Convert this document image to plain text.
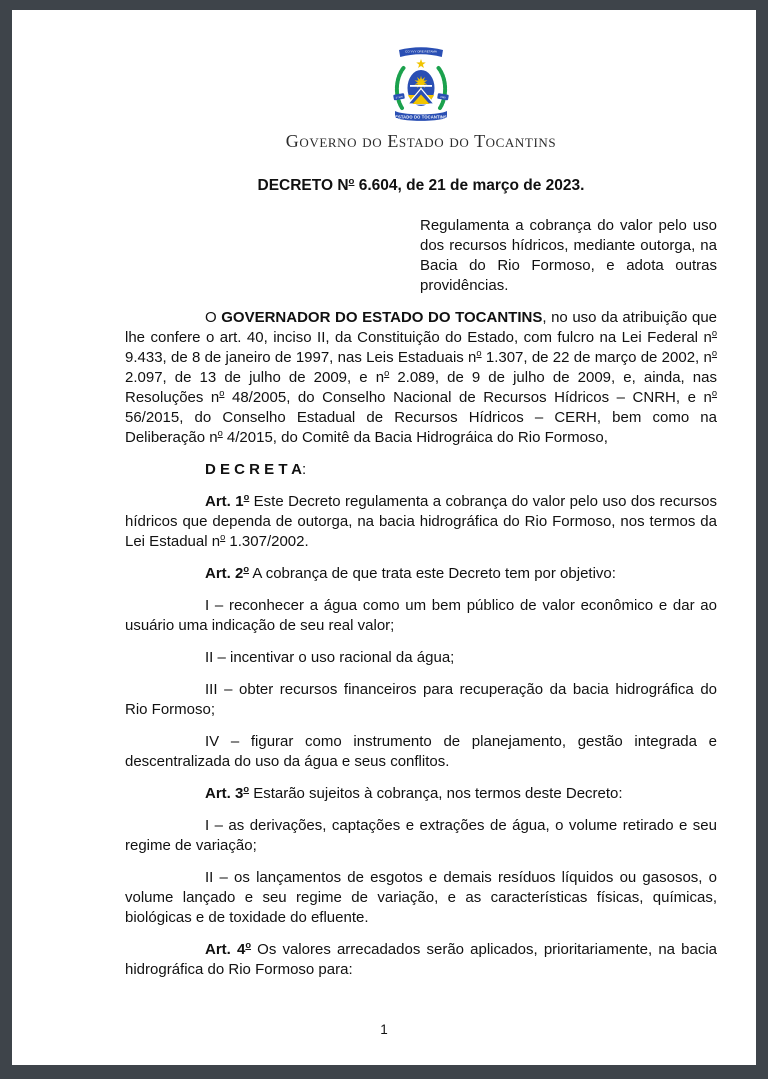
CO YVY ORE RETAMA
1º JAN	1989
ESTADO DO TOCANTINS
Governo do Estado do Tocantins
DECRETO $N^o$ 6.604, de 21 de março de 2023.

Regulamenta a cobrança do valor pelo uso dos recursos hídricos, mediante outorga, na Bacia do Rio Formoso, e adota outras providências.

O GOVERNADOR DO ESTADO DO TOCANTINS, no uso da atribuição que lhe confere o art. 40, inciso II, da Constituição do Estado, com fulcro na Lei Federal $n^o$ 9.433, de 8 de janeiro de 1997, nas Leis Estaduais $n^o$ 1.307, de 22 de março de 2002, $n^o$ 2.097, de 13 de julho de 2009, e $n^o$ 2.089, de 9 de julho de 2009, e, ainda, nas Resoluções $n^o$ 48/2005, do Conselho Nacional de Recursos Hídricos – CNRH, e $n^o$ 56/2015, do Conselho Estadual de Recursos Hídricos – CERH, bem como na Deliberação $n^o$ 4/2015, do Comitê da Bacia Hidrográica do Rio Formoso,

D E C R E T A:

Art. 1$^o$ Este Decreto regulamenta a cobrança do valor pelo uso dos recursos hídricos que dependa de outorga, na bacia hidrográfica do Rio Formoso, nos termos da Lei Estadual $n^o$ 1.307/2002.

Art. 2$^o$ A cobrança de que trata este Decreto tem por objetivo:

I – reconhecer a água como um bem público de valor econômico e dar ao usuário uma indicação de seu real valor;

II – incentivar o uso racional da água;

III – obter recursos financeiros para recuperação da bacia hidrográfica do Rio Formoso;

IV – figurar como instrumento de planejamento, gestão integrada e descentralizada do uso da água e seus conflitos.

Art. 3$^o$ Estarão sujeitos à cobrança, nos termos deste Decreto:

I – as derivações, captações e extrações de água, o volume retirado e seu regime de variação;

II – os lançamentos de esgotos e demais resíduos líquidos ou gasosos, o volume lançado e seu regime de variação, e as características físicas, químicas, biológicas e de toxidade do efluente.

Art. 4$^o$ Os valores arrecadados serão aplicados, prioritariamente, na bacia hidrográfica do Rio Formoso para:

1
